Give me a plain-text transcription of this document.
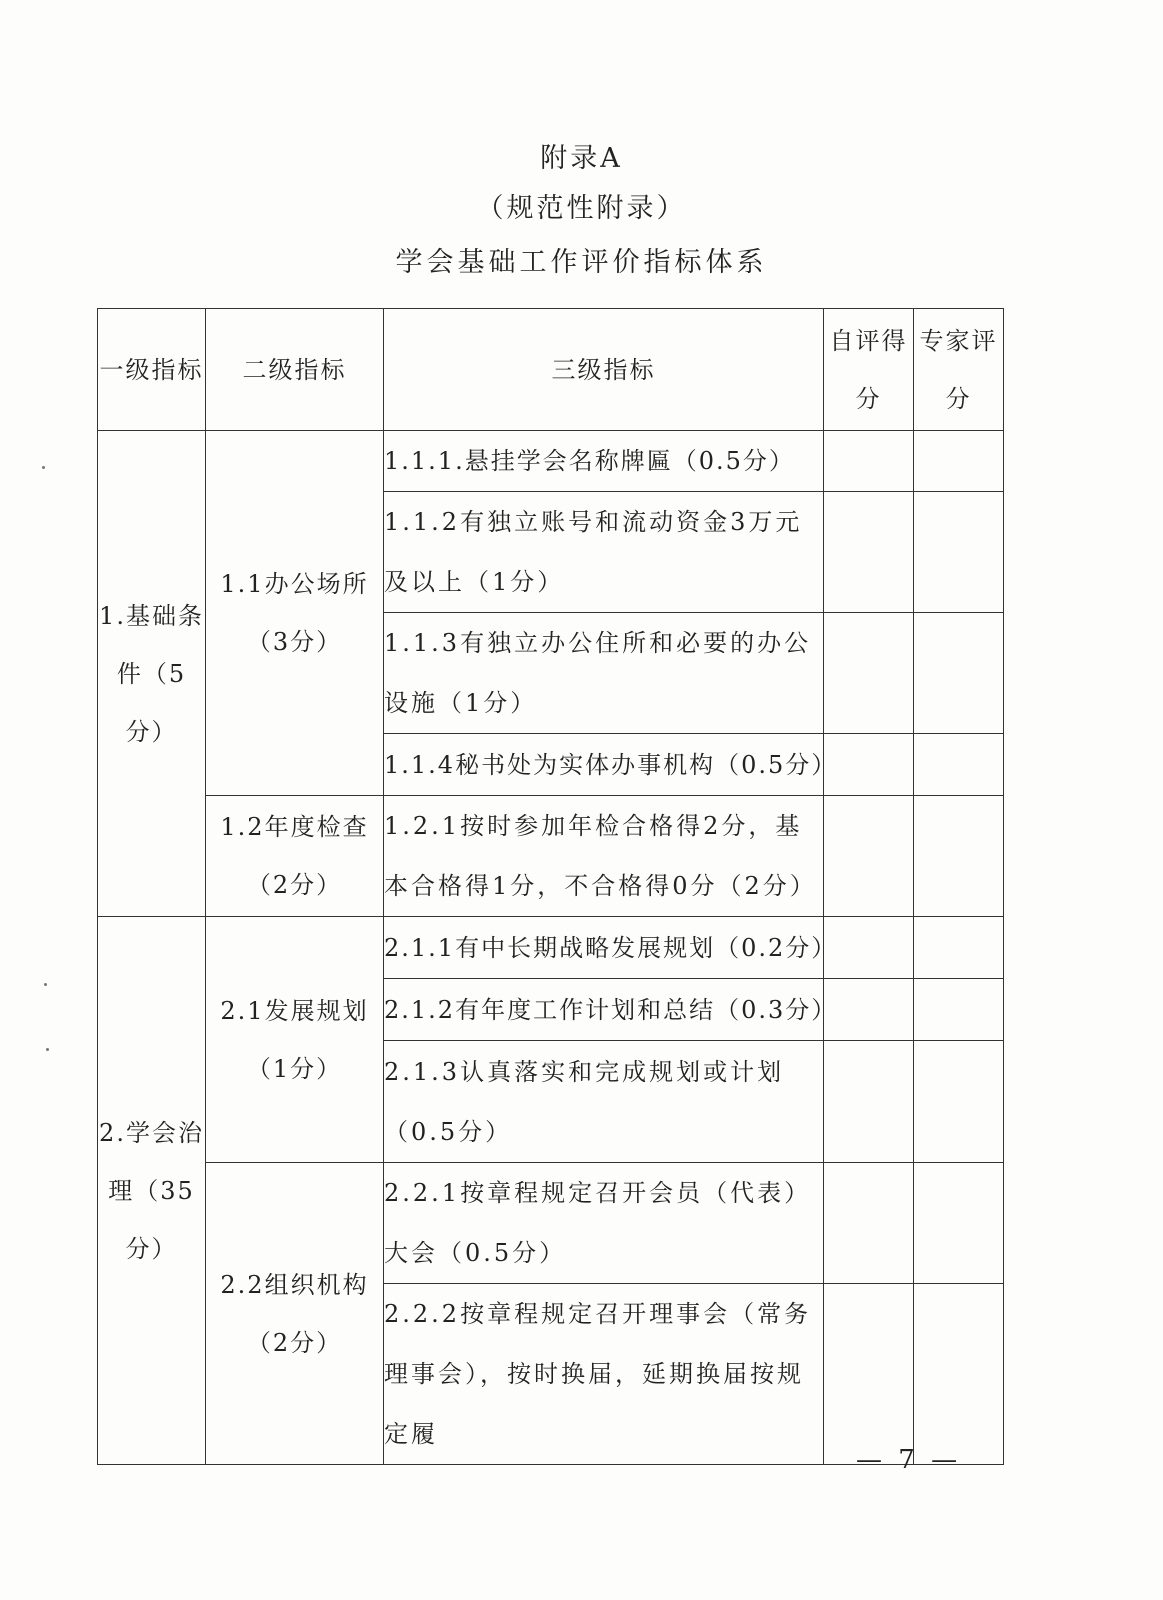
附录A
（规范性附录）
学会基础工作评价指标体系
一级指标	二级指标	三级指标	自评得分	专家评分

1.基础条件（5分）	1.1办公场所（3分）	1.1.1.悬挂学会名称牌匾（0.5分）		
		1.1.2有独立账号和流动资金3万元及以上（1分）		
		1.1.3有独立办公住所和必要的办公设施（1分）		
		1.1.4秘书处为实体办事机构（0.5分）		
	1.2年度检查（2分）	1.2.1按时参加年检合格得2分，基本合格得1分，不合格得0分（2分）		
2.学会治理（35分）	2.1发展规划（1分）	2.1.1有中长期战略发展规划（0.2分）		
		2.1.2有年度工作计划和总结（0.3分）		
		2.1.3认真落实和完成规划或计划（0.5分）		
	2.2组织机构（2分）	2.2.1按章程规定召开会员（代表）大会（0.5分）		
		2.2.2按章程规定召开理事会（常务理事会），按时换届，延期换届按规定履		
— 7 —
